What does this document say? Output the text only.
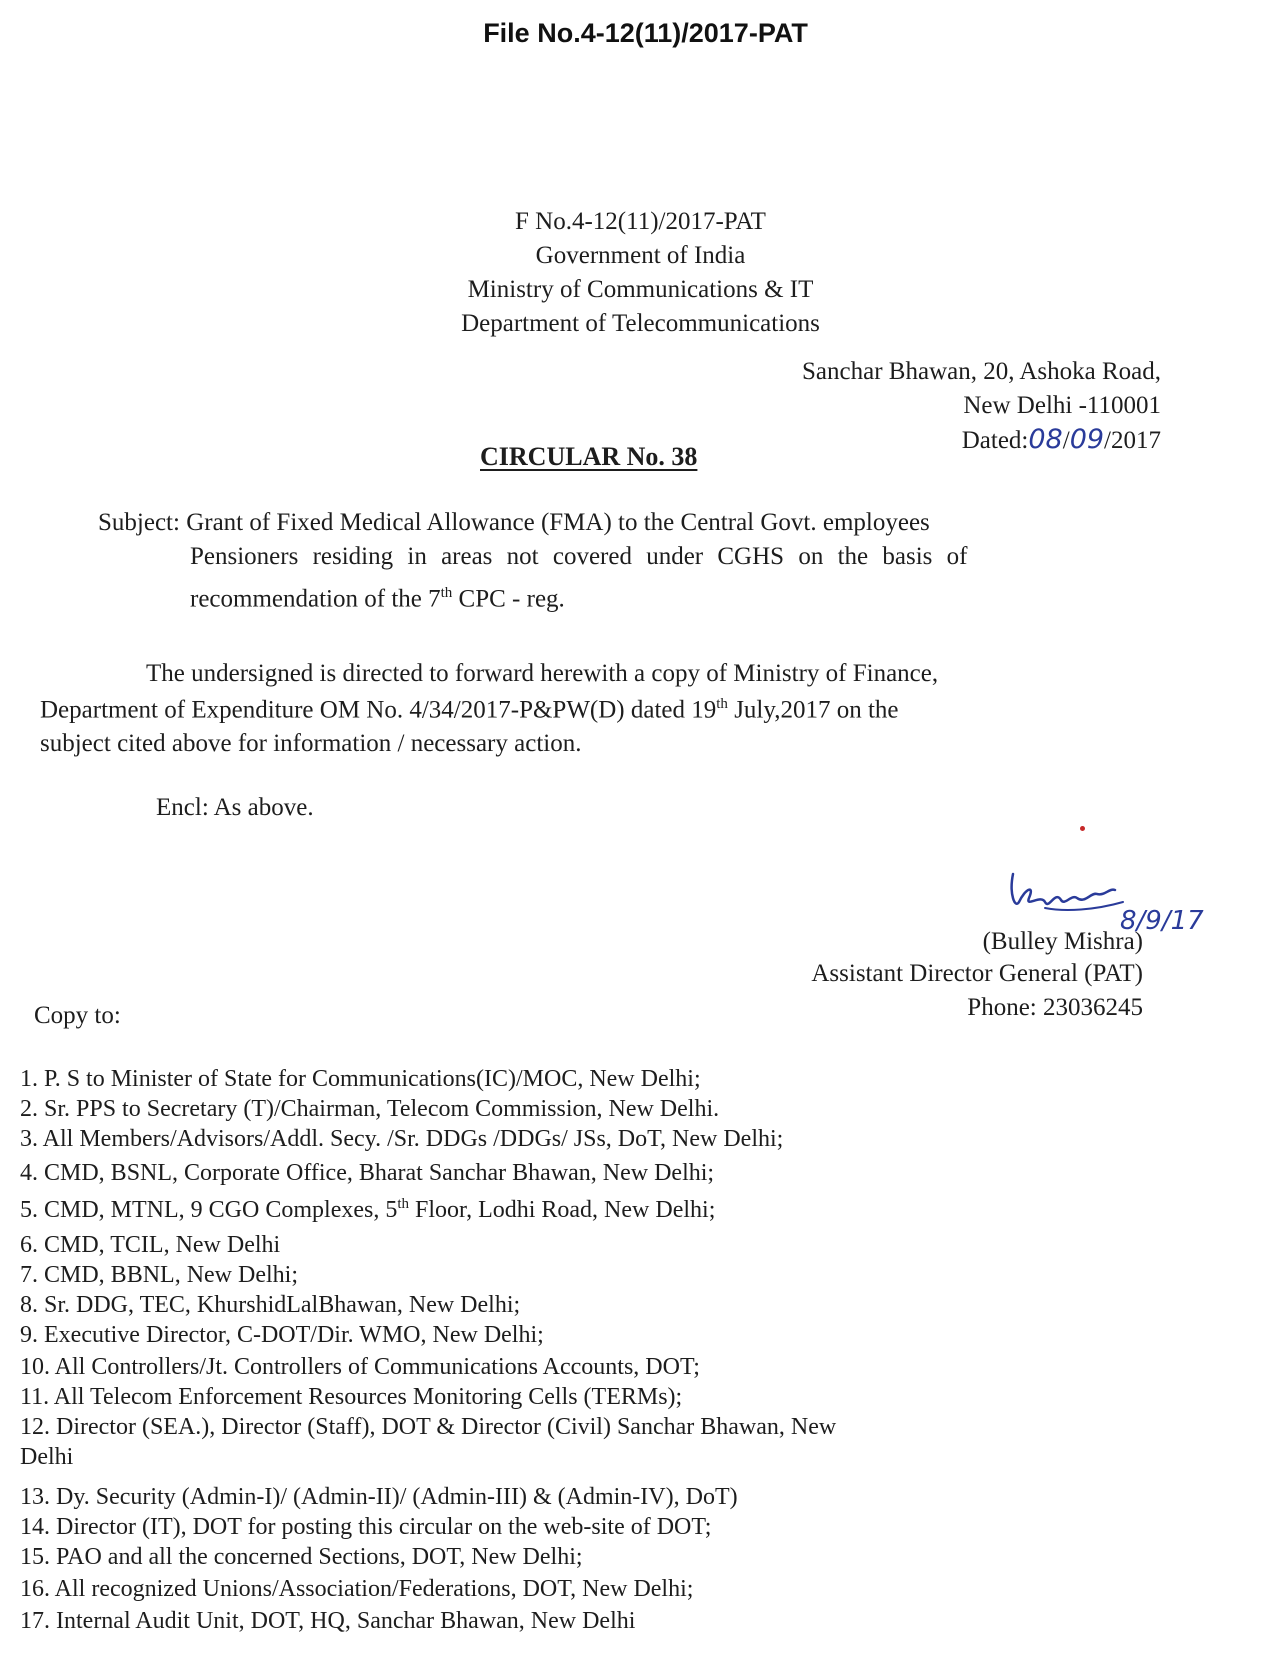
File No.4-12(11)/2017-PAT
F No.4-12(11)/2017-PAT
Government of India
Ministry of Communications & IT
Department of Telecommunications
Sanchar Bhawan, 20, Ashoka Road,
New Delhi -110001
Dated:08/09/2017
CIRCULAR No. 38
Subject: Grant of Fixed Medical Allowance (FMA) to the Central Govt. employees
Pensioners residing in areas not covered under CGHS on the basis of
recommendation of the 7th CPC - reg.
The undersigned is directed to forward herewith a copy of Ministry of Finance,
Department of Expenditure OM No. 4/34/2017-P&PW(D) dated 19th July,2017 on the
subject cited above for information / necessary action.
Encl: As above.
8/9/17
(Bulley Mishra)
Assistant Director General (PAT)
Phone: 23036245
Copy to:
1. P. S to Minister of State for Communications(IC)/MOC, New Delhi;
2. Sr. PPS to Secretary (T)/Chairman, Telecom Commission, New Delhi.
3. All Members/Advisors/Addl. Secy. /Sr. DDGs /DDGs/ JSs, DoT, New Delhi;
4. CMD, BSNL, Corporate Office, Bharat Sanchar Bhawan, New Delhi;
5. CMD, MTNL, 9 CGO Complexes, 5th Floor, Lodhi Road, New Delhi;
6. CMD, TCIL, New Delhi
7. CMD, BBNL, New Delhi;
8. Sr. DDG, TEC, KhurshidLalBhawan, New Delhi;
9. Executive Director, C-DOT/Dir. WMO, New Delhi;
10. All Controllers/Jt. Controllers of Communications Accounts, DOT;
11. All Telecom Enforcement Resources Monitoring Cells (TERMs);
12. Director (SEA.), Director (Staff), DOT & Director (Civil) Sanchar Bhawan, New
Delhi
13. Dy. Security (Admin-I)/ (Admin-II)/ (Admin-III) & (Admin-IV), DoT)
14. Director (IT), DOT for posting this circular on the web-site of DOT;
15. PAO and all the concerned Sections, DOT, New Delhi;
16. All recognized Unions/Association/Federations, DOT, New Delhi;
17. Internal Audit Unit, DOT, HQ, Sanchar Bhawan, New Delhi
